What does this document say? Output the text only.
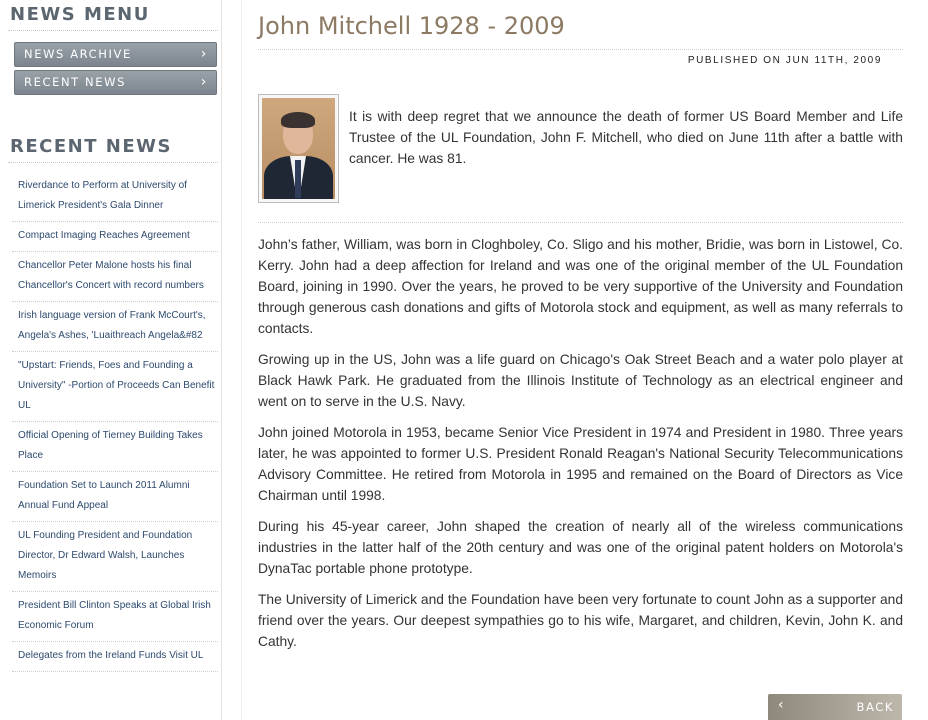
NEWS MENU
NEWS ARCHIVE	›
RECENT NEWS	›
RECENT NEWS
Riverdance to Perform at University of Limerick President's Gala Dinner
Compact Imaging Reaches Agreement
Chancellor Peter Malone hosts his final Chancellor's Concert with record numbers
Irish language version of Frank McCourt's, Angela's Ashes, 'Luaithreach Angela&#82
"Upstart: Friends, Foes and Founding a University" -Portion of Proceeds Can Benefit UL
Official Opening of Tierney Building Takes Place
Foundation Set to Launch 2011 Alumni Annual Fund Appeal
UL Founding President and Foundation Director, Dr Edward Walsh, Launches Memoirs
President Bill Clinton Speaks at Global Irish Economic Forum
Delegates from the Ireland Funds Visit UL
John Mitchell 1928 - 2009
PUBLISHED ON JUN 11TH, 2009

It is with deep regret that we announce the death of former US Board Member and Life Trustee of the UL Foundation, John F. Mitchell, who died on June 11th after a battle with cancer. He was 81.

John’s father, William, was born in Cloghboley, Co. Sligo and his mother, Bridie, was born in Listowel, Co. Kerry. John had a deep affection for Ireland and was one of the original member of the UL Foundation Board, joining in 1990. Over the years, he proved to be very supportive of the University and Foundation through generous cash donations and gifts of Motorola stock and equipment, as well as many referrals to contacts.

Growing up in the US, John was a life guard on Chicago's Oak Street Beach and a water polo player at Black Hawk Park. He graduated from the Illinois Institute of Technology as an electrical engineer and went on to serve in the U.S. Navy.

John joined Motorola in 1953, became Senior Vice President in 1974 and President in 1980. Three years later, he was appointed to former U.S. President Ronald Reagan's National Security Telecommunications Advisory Committee. He retired from Motorola in 1995 and remained on the Board of Directors as Vice Chairman until 1998.

During his 45-year career, John shaped the creation of nearly all of the wireless communications industries in the latter half of the 20th century and was one of the original patent holders on Motorola's DynaTac portable phone prototype.

The University of Limerick and the Foundation have been very fortunate to count John as a supporter and friend over the years. Our deepest sympathies go to his wife, Margaret, and children, Kevin, John K. and Cathy.

‹	BACK
